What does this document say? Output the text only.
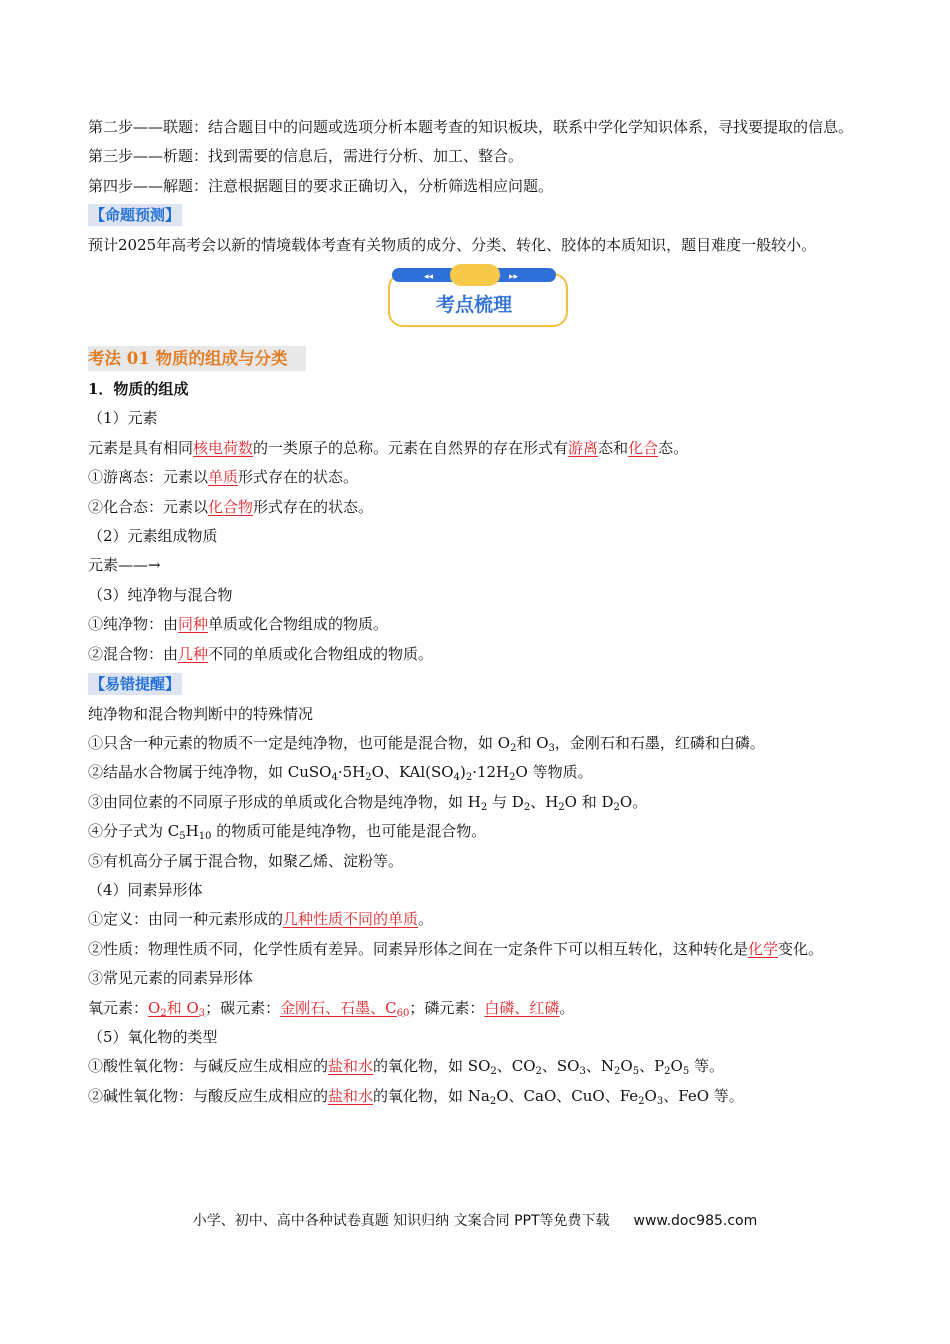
第二步——联题：结合题目中的问题或选项分析本题考查的知识板块，联系中学化学知识体系，寻找要提取的信息。

第三步——析题：找到需要的信息后，需进行分析、加工、整合。

第四步——解题：注意根据题目的要求正确切入，分析筛选相应问题。

【命题预测】

预计2025年高考会以新的情境载体考查有关物质的成分、分类、转化、胶体的本质知识，题目难度一般较小。

◂◂	▸▸
考点梳理
考法 01 物质的组成与分类

1．物质的组成

（1）元素

元素是具有相同核电荷数的一类原子的总称。元素在自然界的存在形式有游离态和化合态。

①游离态：元素以单质形式存在的状态。

②化合态：元素以化合物形式存在的状态。

（2）元素组成物质

元素——→

（3）纯净物与混合物

①纯净物：由同种单质或化合物组成的物质。

②混合物：由几种不同的单质或化合物组成的物质。

【易错提醒】

纯净物和混合物判断中的特殊情况

①只含一种元素的物质不一定是纯净物，也可能是混合物，如 $O_2$和 $O_3$，金刚石和石墨，红磷和白磷。

②结晶水合物属于纯净物，如 $CuSO_4\cdot 5H_2O$、$KAl(SO_4)_2\cdot 12H_2O$ 等物质。

③由同位素的不同原子形成的单质或化合物是纯净物，如 $H_2$ 与 $D_2$、$H_2O$ 和 $D_2O$。

④分子式为 $C_5H_{10}$ 的物质可能是纯净物，也可能是混合物。

⑤有机高分子属于混合物，如聚乙烯、淀粉等。

（4）同素异形体

①定义：由同一种元素形成的几种性质不同的单质。

②性质：物理性质不同，化学性质有差异。同素异形体之间在一定条件下可以相互转化，这种转化是化学变化。

③常见元素的同素异形体

氧元素：$O_2$和 $O_3$；碳元素：金刚石、石墨、$C_{60}$；磷元素：白磷、红磷。

（5）氧化物的类型

①酸性氧化物：与碱反应生成相应的盐和水的氧化物，如 $SO_2$、$CO_2$、$SO_3$、$N_2O_5$、$P_2O_5$ 等。

②碱性氧化物：与酸反应生成相应的盐和水的氧化物，如 $Na_2O$、CaO、CuO、$Fe_2O_3$、FeO 等。

小学、初中、高中各种试卷真题 知识归纳 文案合同 PPT等免费下载 www.doc985.com
